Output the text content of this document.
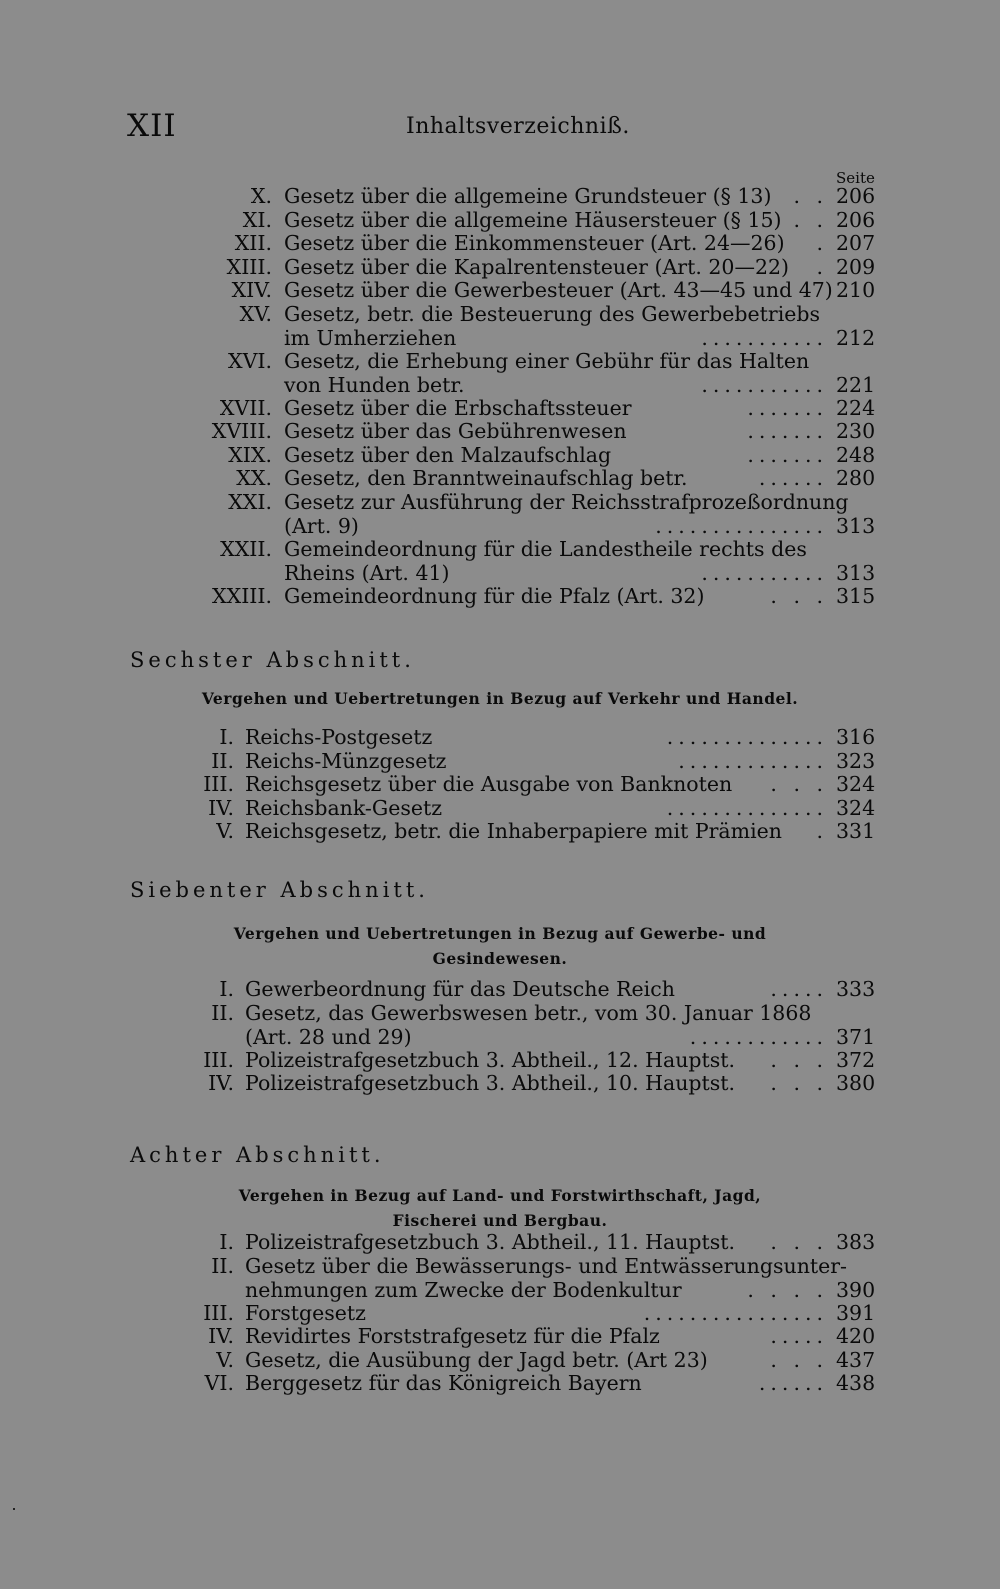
XII	Inhaltsverzeichniß.
Seite
X. Gesetz über die allgemeine Grundsteuer (§ 13) . . 206
XI. Gesetz über die allgemeine Häusersteuer (§ 15) . . 206
XII. Gesetz über die Einkommensteuer (Art. 24—26) . 207
XIII. Gesetz über die Kapalrentensteuer (Art. 20—22) . 209
XIV. Gesetz über die Gewerbesteuer (Art. 43—45 und 47) 210
XV. Gesetz, betr. die Besteuerung des Gewerbebetriebs
im Umherziehen	........... 212
XVI. Gesetz, die Erhebung einer Gebühr für das Halten
von Hunden betr.	........... 221
XVII. Gesetz über die Erbschaftssteuer	....... 224
XVIII. Gesetz über das Gebührenwesen	....... 230
XIX. Gesetz über den Malzaufschlag	....... 248
XX. Gesetz, den Branntweinaufschlag betr.	...... 280
XXI. Gesetz zur Ausführung der Reichsstrafprozeßordnung
(Art. 9)	............... 313
XXII. Gemeindeordnung für die Landestheile rechts des
Rheins (Art. 41)	........... 313
XXIII. Gemeindeordnung für die Pfalz (Art. 32)	. . . 315
Sechster Abschnitt.
Vergehen und Uebertretungen in Bezug auf Verkehr und Handel.
I. Reichs-Postgesetz	.............. 316
II. Reichs-Münzgesetz	............. 323
III. Reichsgesetz über die Ausgabe von Banknoten . . . 324
IV. Reichsbank-Gesetz	.............. 324
V. Reichsgesetz, betr. die Inhaberpapiere mit Prämien . 331
Siebenter Abschnitt.
Vergehen und Uebertretungen in Bezug auf Gewerbe- und
Gesindewesen.
I. Gewerbeordnung für das Deutsche Reich	..... 333
II. Gesetz, das Gewerbswesen betr., vom 30. Januar 1868
(Art. 28 und 29)	............ 371
III. Polizeistrafgesetzbuch 3. Abtheil., 12. Hauptst. . . . 372
IV. Polizeistrafgesetzbuch 3. Abtheil., 10. Hauptst. . . . 380
Achter Abschnitt.
Vergehen in Bezug auf Land- und Forstwirthschaft, Jagd,
Fischerei und Bergbau.
I. Polizeistrafgesetzbuch 3. Abtheil., 11. Hauptst. . . . 383
II. Gesetz über die Bewässerungs- und Entwässerungsunter-
nehmungen zum Zwecke der Bodenkultur	. . . . 390
III. Forstgesetz	................ 391
IV. Revidirtes Forststrafgesetz für die Pfalz	..... 420
V. Gesetz, die Ausübung der Jagd betr. (Art 23)	. . . 437
VI. Berggesetz für das Königreich Bayern	...... 438
